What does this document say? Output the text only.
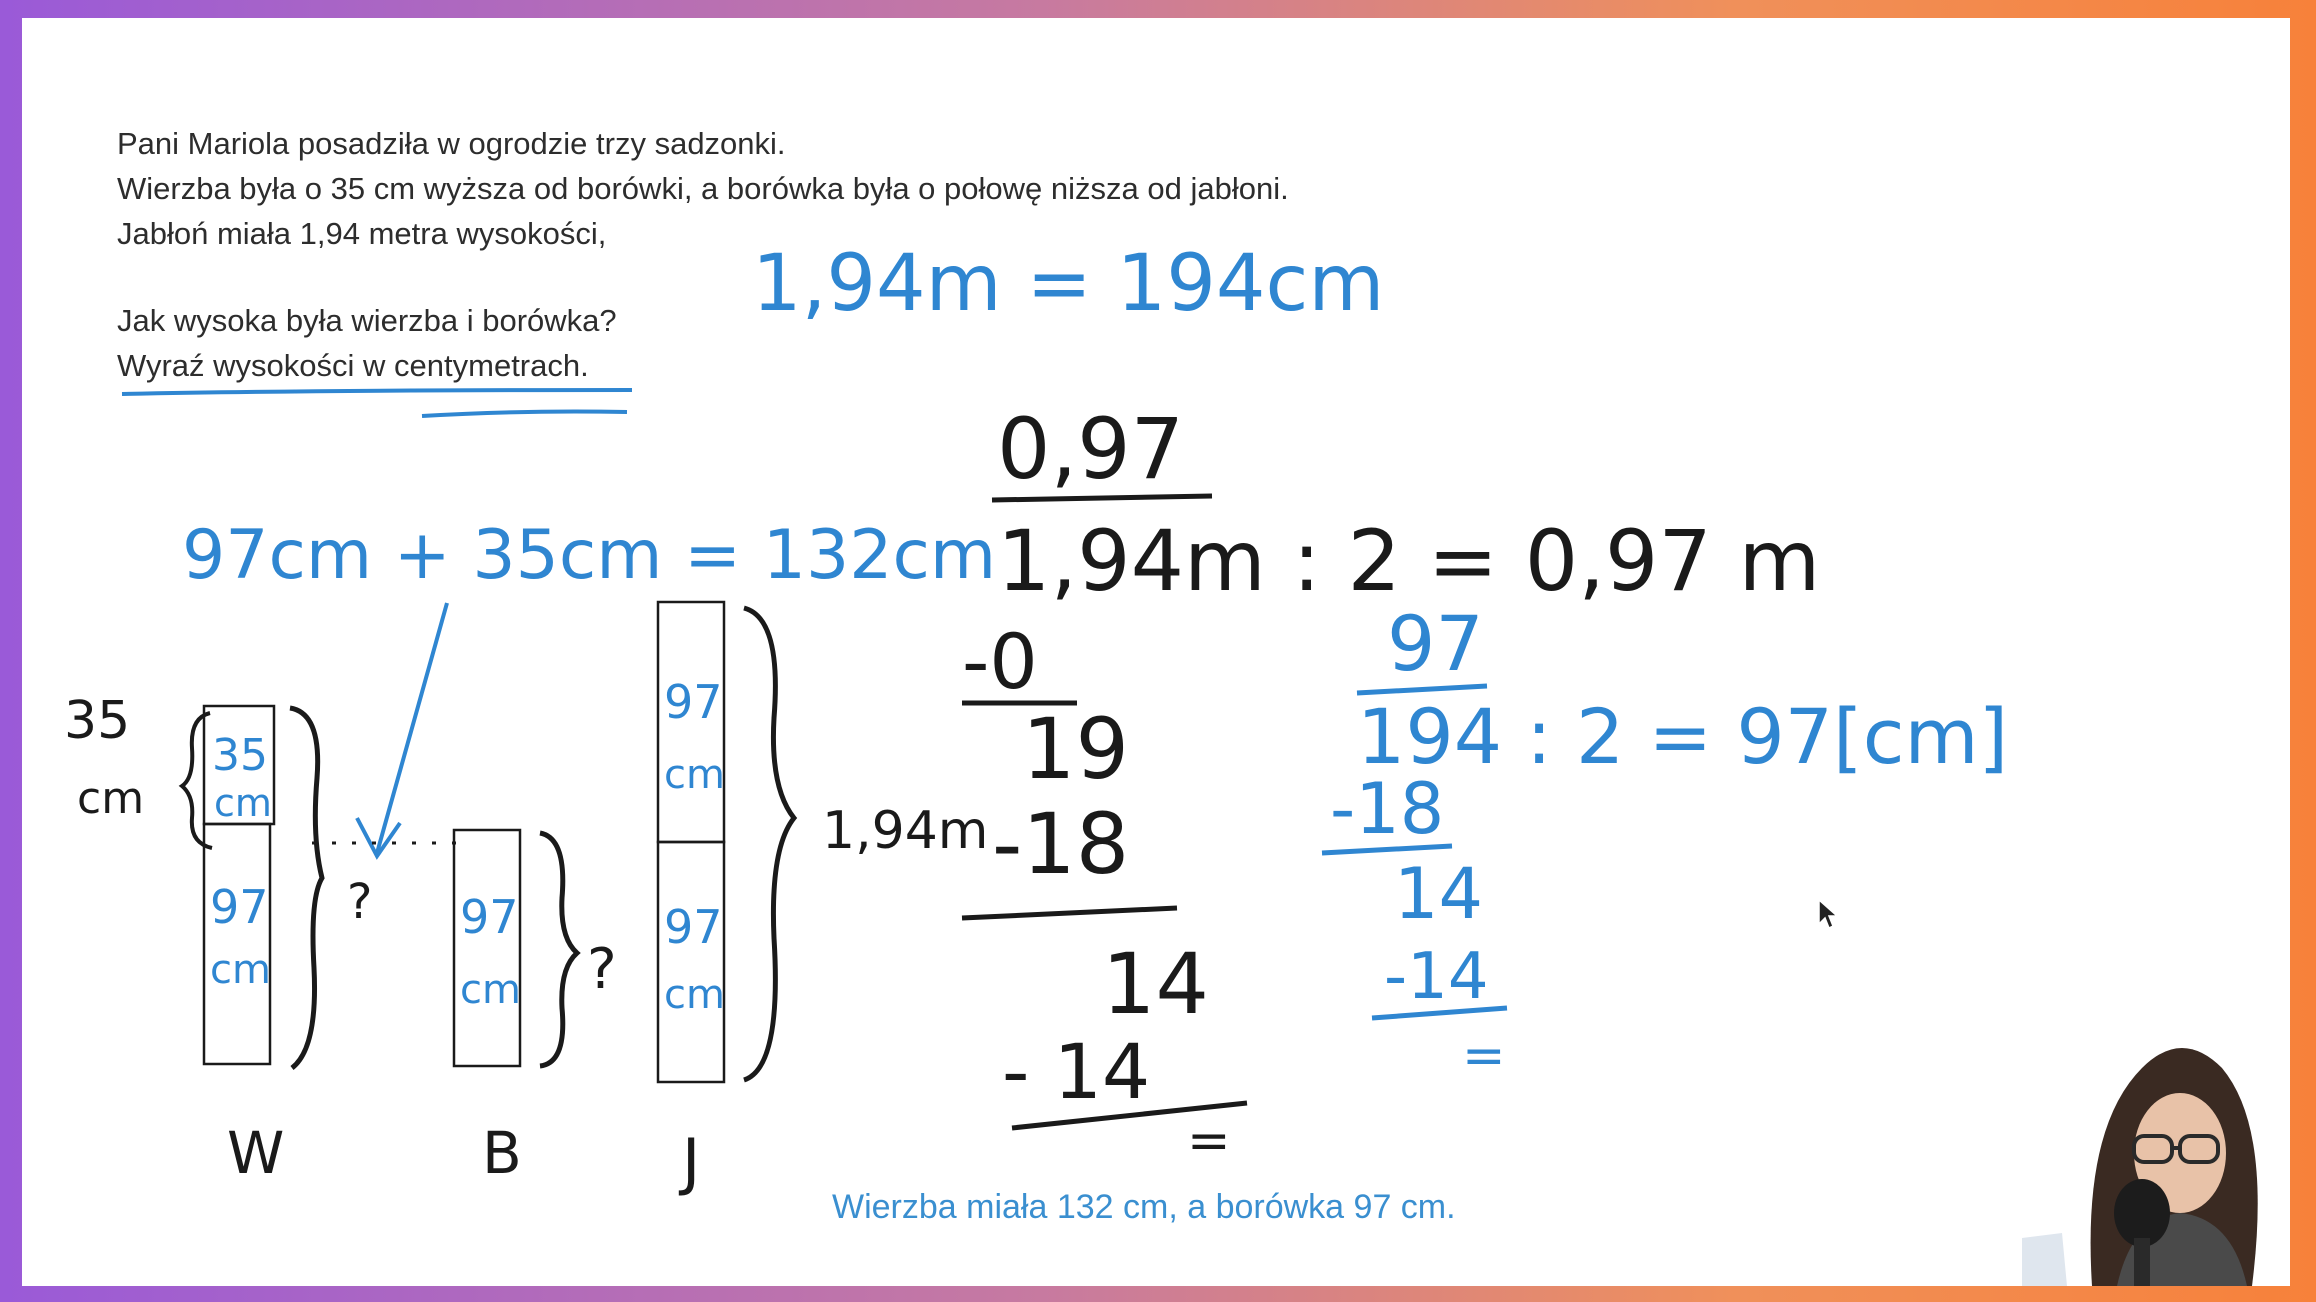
Pani Mariola posadziła w ogrodzie trzy sadzonki.
Wierzba była o 35 cm wyższa od borówki, a borówka była o połowę niższa od jabłoni.
Jabłoń miała 1,94 metra wysokości,
Jak wysoka była wierzba i borówka?
Wyraź wysokości w centymetrach.
1,94m = 194cm
97cm + 35cm = 132cm
35
cm
35
cm
97
cm
? 97
cm ?
97
cm
97
cm
1,94m
W	B	J
0,97
1,94m : 2 = 0,97 m
-0
19
-18
14
- 14
=
97
194 : 2 = 97[cm]
-18
14
-14
=
Wierzba miała 132 cm, a borówka 97 cm.
